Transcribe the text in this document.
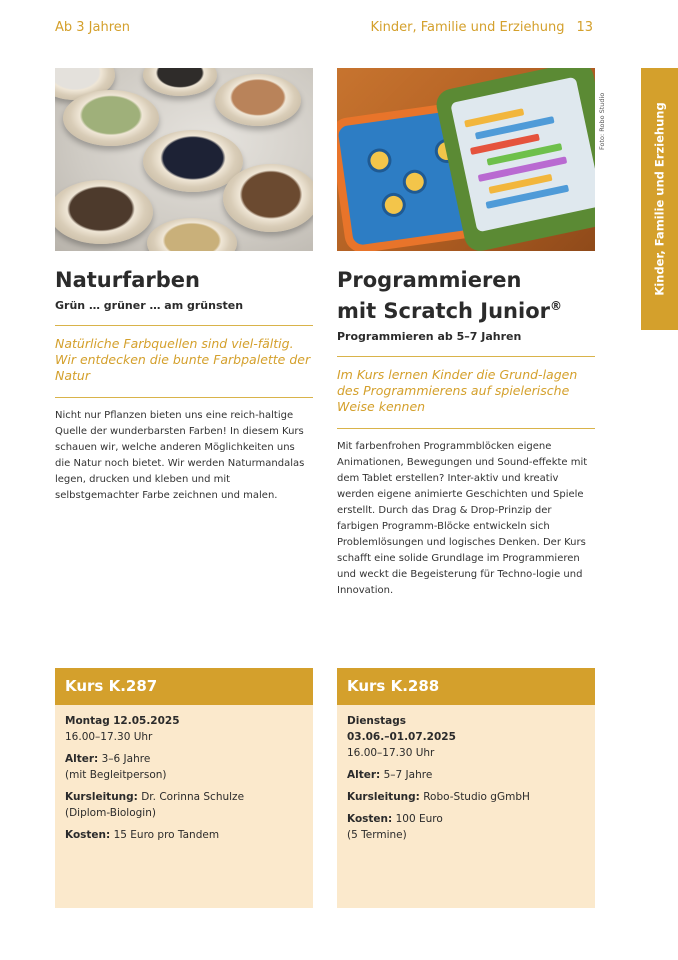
Ab 3 Jahren	Kinder, Familie und Erziehung 13
Kinder, Familie und Erziehung
Foto: Robo Studio
Naturfarben
Grün … grüner … am grünsten
Natürliche Farbquellen sind viel-fältig. Wir entdecken die bunte Farbpalette der Natur
Nicht nur Pflanzen bieten uns eine reich-haltige Quelle der wunderbarsten Farben! In diesem Kurs schauen wir, welche anderen Möglichkeiten uns die Natur noch bietet. Wir werden Naturmandalas legen, drucken und kleben und mit selbstgemachter Farbe zeichnen und malen.
Programmieren
mit Scratch Junior®
Programmieren ab 5–7 Jahren
Im Kurs lernen Kinder die Grund-lagen des Programmierens auf spielerische Weise kennen
Mit farbenfrohen Programmblöcken eigene Animationen, Bewegungen und Sound-effekte mit dem Tablet erstellen? Inter-aktiv und kreativ werden eigene animierte Geschichten und Spiele erstellt. Durch das Drag & Drop-Prinzip der farbigen Programm-Blöcke entwickeln sich Problemlösungen und logisches Denken. Der Kurs schafft eine solide Grundlage im Programmieren und weckt die Begeisterung für Techno-logie und Innovation.
Kurs K.287
Montag 12.05.2025
16.00–17.30 Uhr
Alter: 3–6 Jahre
(mit Begleitperson)
Kursleitung: Dr. Corinna Schulze
(Diplom-Biologin)
Kosten: 15 Euro pro Tandem
Kurs K.288
Dienstags
03.06.–01.07.2025
16.00–17.30 Uhr
Alter: 5–7 Jahre
Kursleitung: Robo-Studio gGmbH
Kosten: 100 Euro
(5 Termine)
